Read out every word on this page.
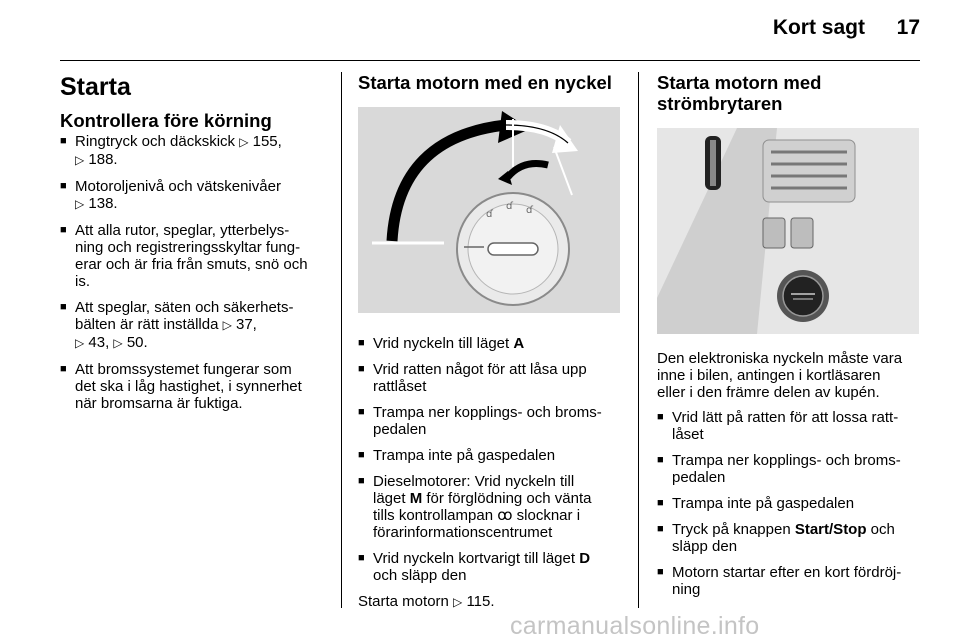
Kort sagt 17
Starta
Kontrollera före körning
■ Ringtryck och däckskick ▷ 155,
▷ 188.
■ Motoroljenivå och vätskenivåer
▷ 138.
■ Att alla rutor, speglar, ytterbelys-
ning och registreringsskyltar fung-
erar och är fria från smuts, snö och
is.
■ Att speglar, säten och säkerhets-
bälten är rätt inställda ▷ 37,
▷ 43, ▷ 50.
■ Att bromssystemet fungerar som
det ska i låg hastighet, i synnerhet
när bromsarna är fuktiga.
Starta motorn med en nyckel
ɗ
ɗ ɗ
■ Vrid nyckeln till läget A
■ Vrid ratten något för att låsa upp
rattlåset
■ Trampa ner kopplings- och broms-
pedalen
■ Trampa inte på gaspedalen
■ Dieselmotorer: Vrid nyckeln till
läget M för förglödning och vänta
tills kontrollampan ꝏ slocknar i
förarinformationscentrumet
■ Vrid nyckeln kortvarigt till läget D
och släpp den
Starta motorn ▷ 115.
Starta motorn med
strömbrytaren

Den elektroniska nyckeln måste vara
inne i bilen, antingen i kortläsaren
eller i den främre delen av kupén.

■ Vrid lätt på ratten för att lossa ratt-
låset
■ Trampa ner kopplings- och broms-
pedalen
■ Trampa inte på gaspedalen
■ Tryck på knappen Start/Stop och
släpp den
■ Motorn startar efter en kort fördröj-
ning
carmanualsonline.info
